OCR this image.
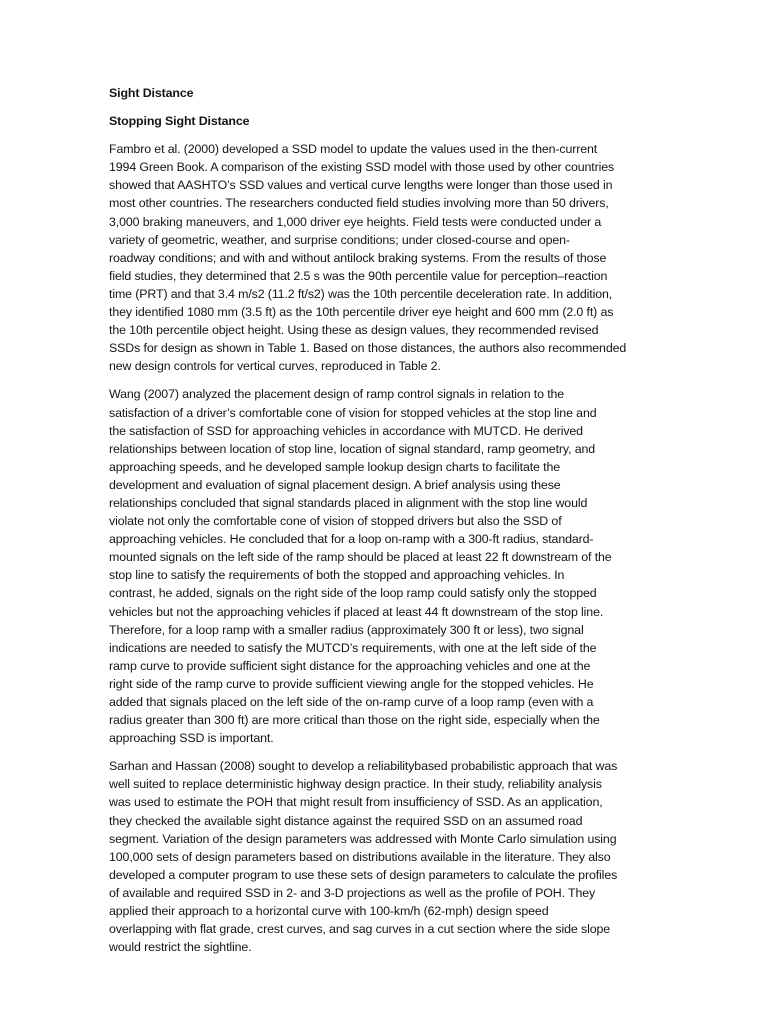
Sight Distance

Stopping Sight Distance

Fambro et al. (2000) developed a SSD model to update the values used in the then-current
1994 Green Book. A comparison of the existing SSD model with those used by other countries
showed that AASHTO’s SSD values and vertical curve lengths were longer than those used in
most other countries. The researchers conducted field studies involving more than 50 drivers,
3,000 braking maneuvers, and 1,000 driver eye heights. Field tests were conducted under a
variety of geometric, weather, and surprise conditions; under closed-course and open-
roadway conditions; and with and without antilock braking systems. From the results of those
field studies, they determined that 2.5 s was the 90th percentile value for perception–reaction
time (PRT) and that 3.4 m/s2 (11.2 ft/s2) was the 10th percentile deceleration rate. In addition,
they identified 1080 mm (3.5 ft) as the 10th percentile driver eye height and 600 mm (2.0 ft) as
the 10th percentile object height. Using these as design values, they recommended revised
SSDs for design as shown in Table 1. Based on those distances, the authors also recommended
new design controls for vertical curves, reproduced in Table 2.

Wang (2007) analyzed the placement design of ramp control signals in relation to the
satisfaction of a driver’s comfortable cone of vision for stopped vehicles at the stop line and
the satisfaction of SSD for approaching vehicles in accordance with MUTCD. He derived
relationships between location of stop line, location of signal standard, ramp geometry, and
approaching speeds, and he developed sample lookup design charts to facilitate the
development and evaluation of signal placement design. A brief analysis using these
relationships concluded that signal standards placed in alignment with the stop line would
violate not only the comfortable cone of vision of stopped drivers but also the SSD of
approaching vehicles. He concluded that for a loop on-ramp with a 300-ft radius, standard-
mounted signals on the left side of the ramp should be placed at least 22 ft downstream of the
stop line to satisfy the requirements of both the stopped and approaching vehicles. In
contrast, he added, signals on the right side of the loop ramp could satisfy only the stopped
vehicles but not the approaching vehicles if placed at least 44 ft downstream of the stop line.
Therefore, for a loop ramp with a smaller radius (approximately 300 ft or less), two signal
indications are needed to satisfy the MUTCD’s requirements, with one at the left side of the
ramp curve to provide sufficient sight distance for the approaching vehicles and one at the
right side of the ramp curve to provide sufficient viewing angle for the stopped vehicles. He
added that signals placed on the left side of the on-ramp curve of a loop ramp (even with a
radius greater than 300 ft) are more critical than those on the right side, especially when the
approaching SSD is important.

Sarhan and Hassan (2008) sought to develop a reliabilitybased probabilistic approach that was
well suited to replace deterministic highway design practice. In their study, reliability analysis
was used to estimate the POH that might result from insufficiency of SSD. As an application,
they checked the available sight distance against the required SSD on an assumed road
segment. Variation of the design parameters was addressed with Monte Carlo simulation using
100,000 sets of design parameters based on distributions available in the literature. They also
developed a computer program to use these sets of design parameters to calculate the profiles
of available and required SSD in 2- and 3-D projections as well as the profile of POH. They
applied their approach to a horizontal curve with 100-km/h (62-mph) design speed
overlapping with flat grade, crest curves, and sag curves in a cut section where the side slope
would restrict the sightline.
